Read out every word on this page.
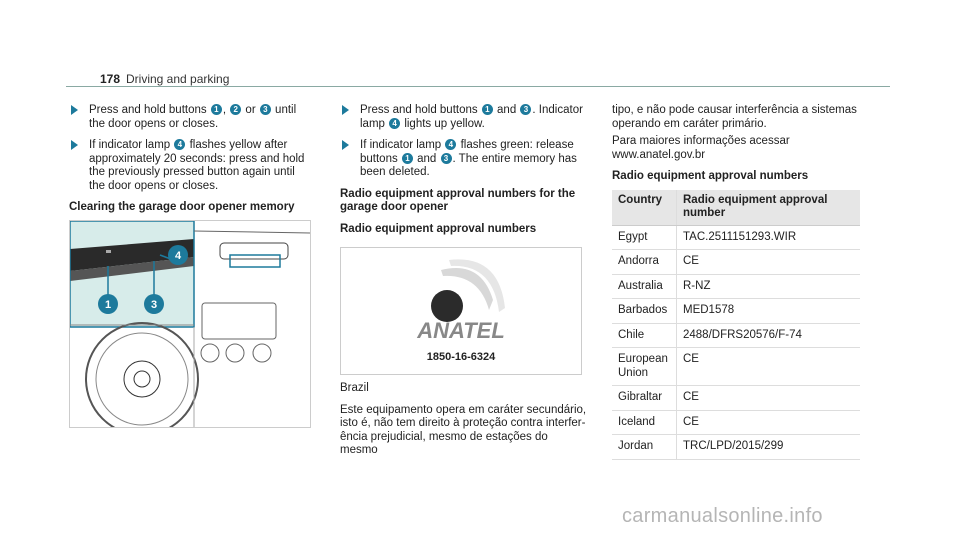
178 Driving and parking
Press and hold buttons 1 , 2 or 3 until the door opens or closes.
If indicator lamp 4 flashes yellow after approximately 20 seconds: press and hold the previously pressed button again until the door opens or closes.
Clearing the garage door opener memory
1	3
4
Press and hold buttons 1 and 3 . Indicator lamp 4 lights up yellow.
If indicator lamp 4 flashes green: release buttons 1 and 3 . The entire memory has been deleted.
Radio equipment approval numbers for the garage door opener
Radio equipment approval numbers
ANATEL
1850-16-6324
Brazil
Este equipamento opera em caráter secundário, isto é, não tem direito à proteção contra interfer-ência prejudicial, mesmo de estações do mesmo
tipo, e não pode causar interferência a sistemas operando em caráter primário.
Para maiores informações acessar
www.anatel.gov.br
Radio equipment approval numbers
Country	Radio equipment approval number
Egypt	TAC.2511151293.WIR
Andorra	CE
Australia	R-NZ
Barbados	MED1578
Chile	2488/DFRS20576/F-74
European Union	CE
Gibraltar	CE
Iceland	CE
Jordan	TRC/LPD/2015/299
carmanualsonline.info
